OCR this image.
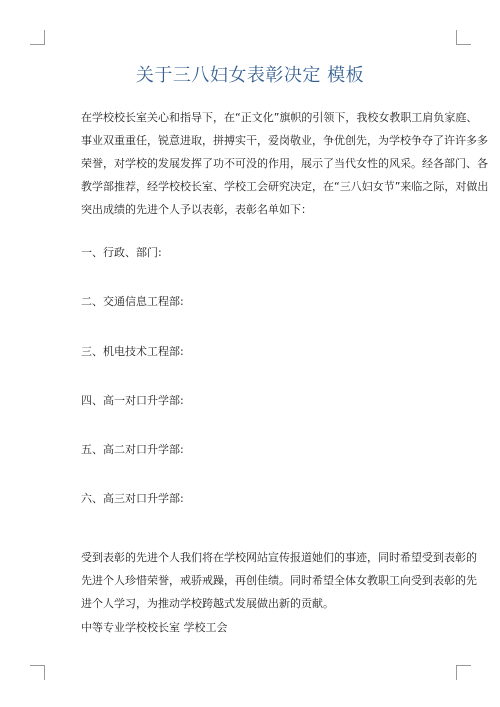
关于三八妇女表彰决定 模板
在学校校长室关心和指导下，在“正文化”旗帜的引领下，我校女教职工肩负家庭、
事业双重重任，锐意进取，拼搏实干，爱岗敬业，争优创先，为学校争夺了许许多多
荣誉，对学校的发展发挥了功不可没的作用，展示了当代女性的风采。经各部门、各
教学部推荐，经学校校长室、学校工会研究决定，在“三八妇女节”来临之际，对做出
突出成绩的先进个人予以表彰，表彰名单如下：
一、行政、部门:
二、交通信息工程部:
三、机电技术工程部:
四、高一对口升学部:
五、高二对口升学部:
六、高三对口升学部:
受到表彰的先进个人我们将在学校网站宣传报道她们的事迹，同时希望受到表彰的
先进个人珍惜荣誉，戒骄戒躁，再创佳绩。同时希望全体女教职工向受到表彰的先
进个人学习，为推动学校跨越式发展做出新的贡献。
中等专业学校校长室 学校工会
